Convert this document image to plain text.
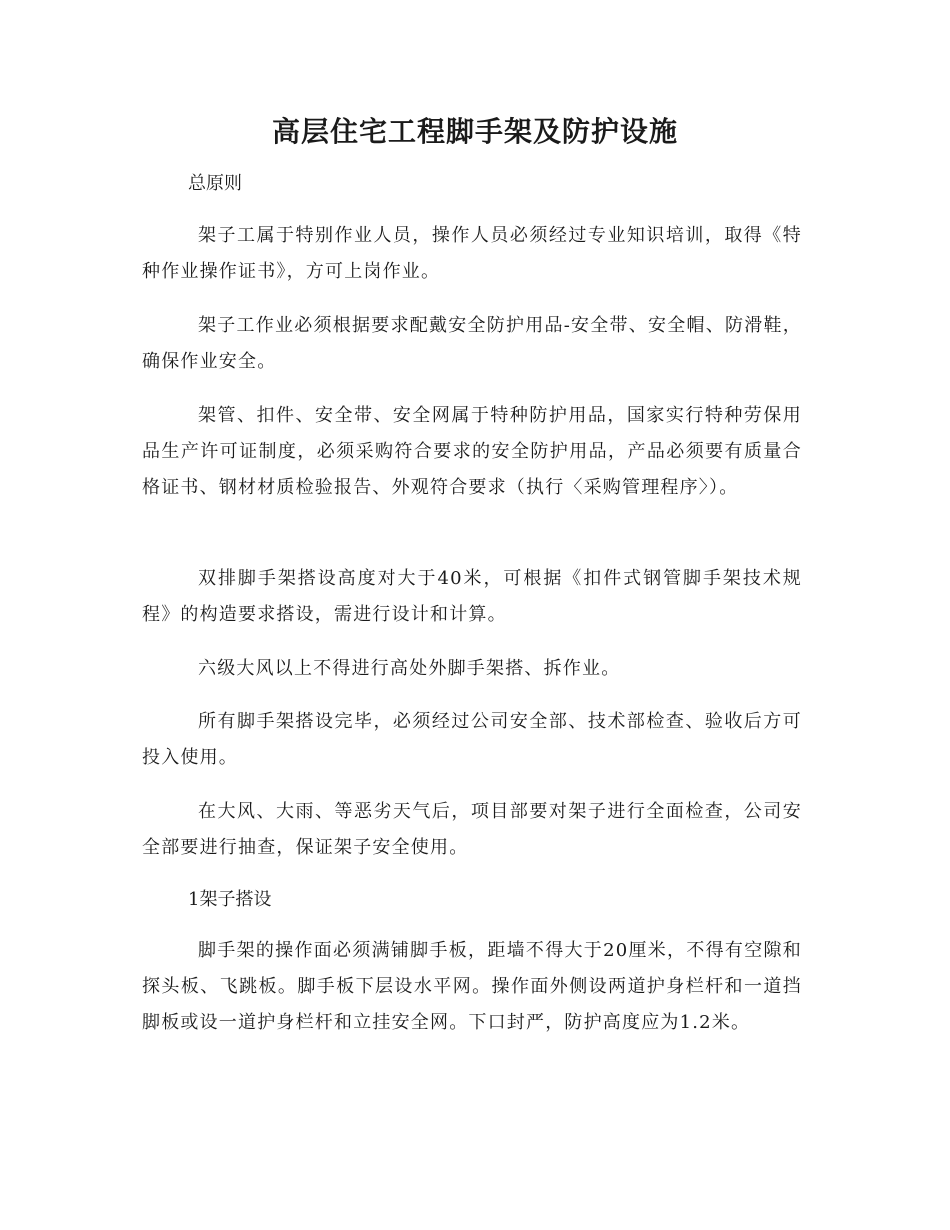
高层住宅工程脚手架及防护设施
总原则
架子工属于特别作业人员，操作人员必须经过专业知识培训，取得《特种作业操作证书》，方可上岗作业。
架子工作业必须根据要求配戴安全防护用品-安全带、安全帽、防滑鞋，确保作业安全。
架管、扣件、安全带、安全网属于特种防护用品，国家实行特种劳保用品生产许可证制度，必须采购符合要求的安全防护用品，产品必须要有质量合格证书、钢材材质检验报告、外观符合要求（执行〈采购管理程序〉）。
双排脚手架搭设高度对大于40米，可根据《扣件式钢管脚手架技术规程》的构造要求搭设，需进行设计和计算。
六级大风以上不得进行高处外脚手架搭、拆作业。
所有脚手架搭设完毕，必须经过公司安全部、技术部检查、验收后方可投入使用。
在大风、大雨、等恶劣天气后，项目部要对架子进行全面检查，公司安全部要进行抽查，保证架子安全使用。
1架子搭设
脚手架的操作面必须满铺脚手板，距墙不得大于20厘米，不得有空隙和探头板、飞跳板。脚手板下层设水平网。操作面外侧设两道护身栏杆和一道挡脚板或设一道护身栏杆和立挂安全网。下口封严，防护高度应为1.2米。
